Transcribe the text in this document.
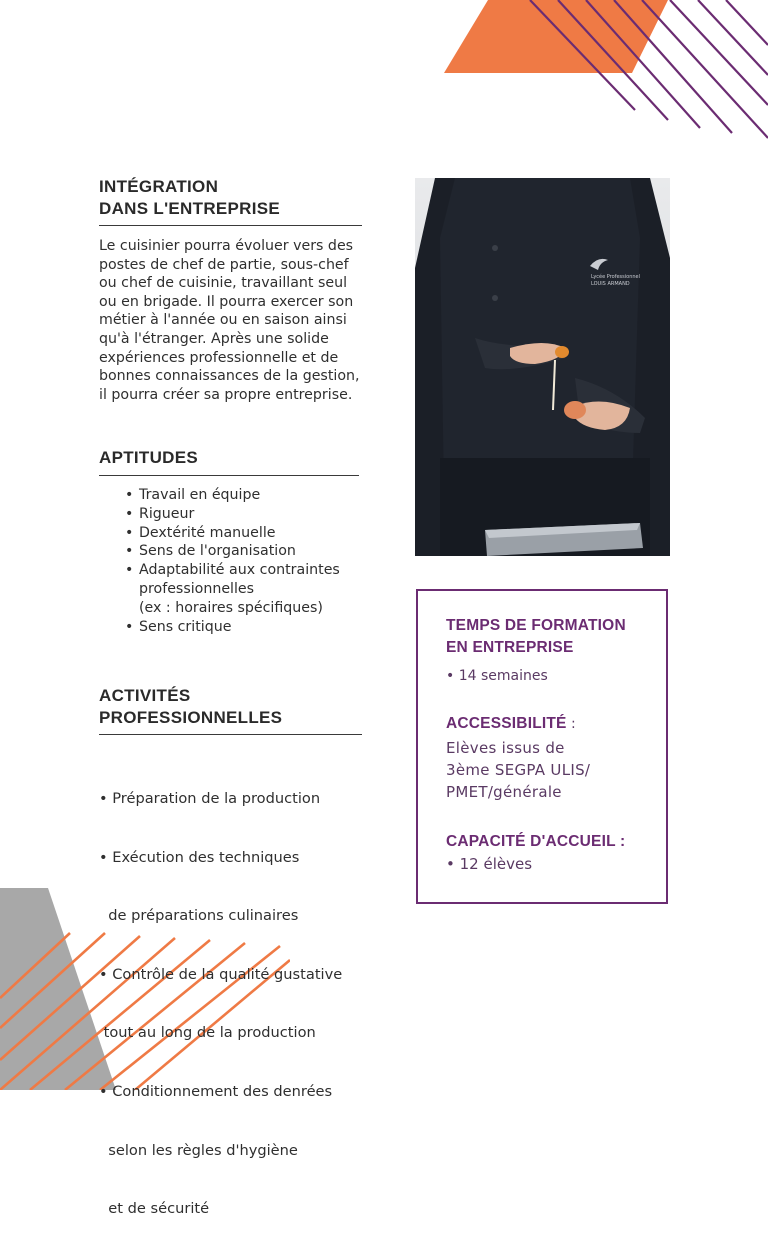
INTÉGRATION
DANS L'ENTREPRISE
Le cuisinier pourra évoluer vers des
postes de chef de partie, sous-chef
ou chef de cuisinie, travaillant seul
ou en brigade. Il pourra exercer son
métier à l'année ou en saison ainsi
qu'à l'étranger. Après une solide
expériences professionnelle et de
bonnes connaissances de la gestion,
il pourra créer sa propre entreprise.
APTITUDES
• Travail en équipe
• Rigueur
• Dextérité manuelle
• Sens de l'organisation
• Adaptabilité aux contraintes
professionnelles
(ex : horaires spécifiques)
• Sens critique
ACTIVITÉS
PROFESSIONNELLES

• Préparation de la production

• Exécution des techniques

de préparations culinaires

• Contrôle de la qualité gustative

tout au long de la production

• Conditionnement des denrées

selon les règles d'hygiène

et de sécurité

Lycée Professionnel
LOUIS ARMAND
TEMPS DE FORMATION
EN ENTREPRISE
• 14 semaines
ACCESSIBILITÉ :
Elèves issus de
3ème SEGPA ULIS/
PMET/générale
CAPACITÉ D'ACCUEIL :
• 12 élèves
